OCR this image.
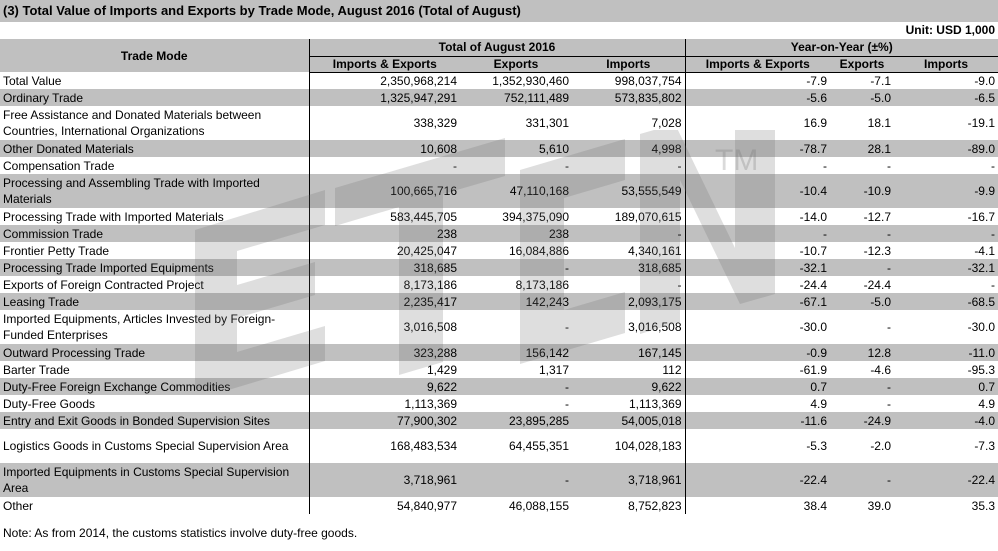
(3) Total Value of Imports and Exports by Trade Mode, August 2016 (Total of August)
Unit: USD 1,000
Trade Mode	Total of August 2016			Year-on-Year (±%)		
	Imports & Exports	Exports	Imports	Imports & Exports	Exports	Imports
Total Value	2,350,968,214	1,352,930,460	998,037,754	-7.9	-7.1	-9.0
Ordinary Trade	1,325,947,291	752,111,489	573,835,802	-5.6	-5.0	-6.5
Free Assistance and Donated Materials between Countries, International Organizations	338,329	331,301	7,028	16.9	18.1	-19.1
Other Donated Materials	10,608	5,610	4,998	-78.7	28.1	-89.0
Compensation Trade	-	-	-	-	-	-
Processing and Assembling Trade with Imported Materials	100,665,716	47,110,168	53,555,549	-10.4	-10.9	-9.9
Processing Trade with Imported Materials	583,445,705	394,375,090	189,070,615	-14.0	-12.7	-16.7
Commission Trade	238	238	-	-	-	-
Frontier Petty Trade	20,425,047	16,084,886	4,340,161	-10.7	-12.3	-4.1
Processing Trade Imported Equipments	318,685	-	318,685	-32.1	-	-32.1
Exports of Foreign Contracted Project	8,173,186	8,173,186	-	-24.4	-24.4	-
Leasing Trade	2,235,417	142,243	2,093,175	-67.1	-5.0	-68.5
Imported Equipments, Articles Invested by Foreign-Funded Enterprises	3,016,508	-	3,016,508	-30.0	-	-30.0
Outward Processing Trade	323,288	156,142	167,145	-0.9	12.8	-11.0
Barter Trade	1,429	1,317	112	-61.9	-4.6	-95.3
Duty-Free Foreign Exchange Commodities	9,622	-	9,622	0.7	-	0.7
Duty-Free Goods	1,113,369	-	1,113,369	4.9	-	4.9
Entry and Exit Goods in Bonded Supervision Sites	77,900,302	23,895,285	54,005,018	-11.6	-24.9	-4.0
Logistics Goods in Customs Special Supervision Area	168,483,534	64,455,351	104,028,183	-5.3	-2.0	-7.3
Imported Equipments in Customs Special Supervision Area	3,718,961	-	3,718,961	-22.4	-	-22.4
Other	54,840,977	46,088,155	8,752,823	38.4	39.0	35.3
TM
Note: As from 2014, the customs statistics involve duty-free goods.
